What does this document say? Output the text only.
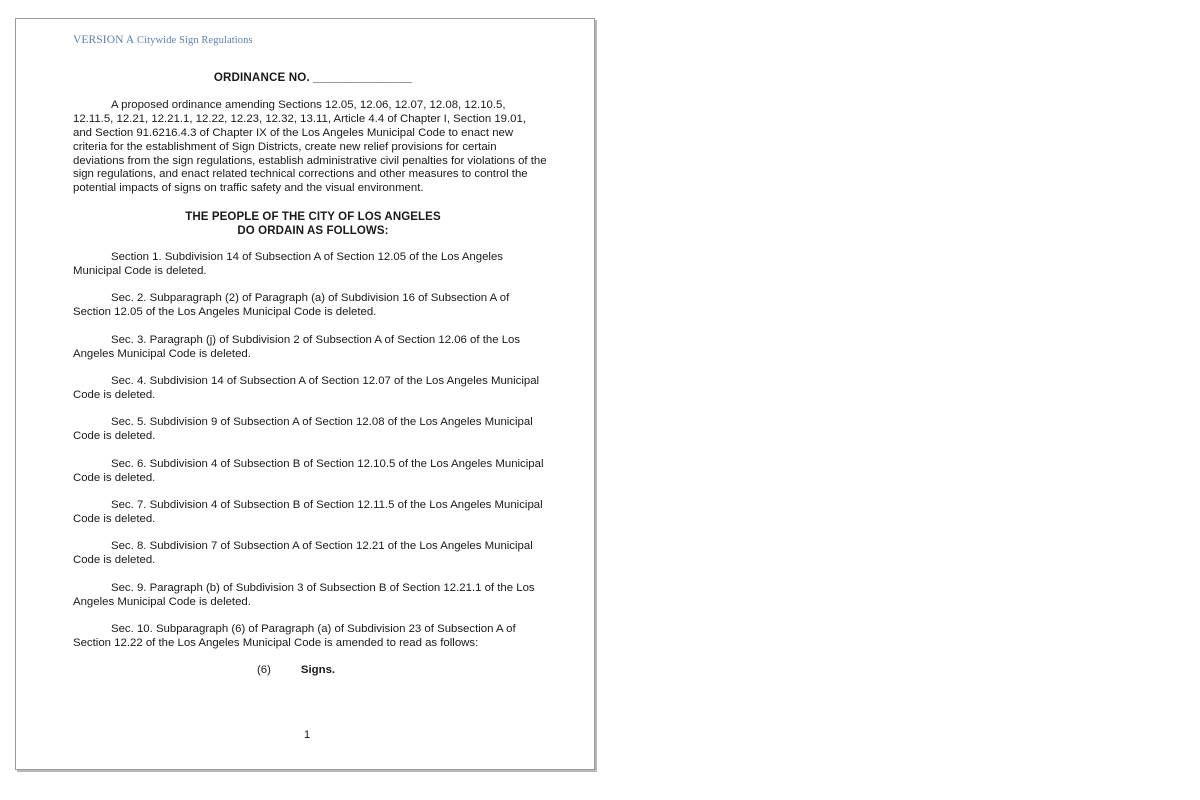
VERSION A Citywide Sign Regulations
ORDINANCE NO. _______________

A proposed ordinance amending Sections 12.05, 12.06, 12.07, 12.08, 12.10.5, 12.11.5, 12.21, 12.21.1, 12.22, 12.23, 12.32, 13.11, Article 4.4 of Chapter I, Section 19.01, and Section 91.6216.4.3 of Chapter IX of the Los Angeles Municipal Code to enact new criteria for the establishment of Sign Districts, create new relief provisions for certain deviations from the sign regulations, establish administrative civil penalties for violations of the sign regulations, and enact related technical corrections and other measures to control the potential impacts of signs on traffic safety and the visual environment.

THE PEOPLE OF THE CITY OF LOS ANGELES
DO ORDAIN AS FOLLOWS:

Section 1. Subdivision 14 of Subsection A of Section 12.05 of the Los Angeles Municipal Code is deleted.

Sec. 2. Subparagraph (2) of Paragraph (a) of Subdivision 16 of Subsection A of Section 12.05 of the Los Angeles Municipal Code is deleted.

Sec. 3. Paragraph (j) of Subdivision 2 of Subsection A of Section 12.06 of the Los Angeles Municipal Code is deleted.

Sec. 4. Subdivision 14 of Subsection A of Section 12.07 of the Los Angeles Municipal Code is deleted.

Sec. 5. Subdivision 9 of Subsection A of Section 12.08 of the Los Angeles Municipal Code is deleted.

Sec. 6. Subdivision 4 of Subsection B of Section 12.10.5 of the Los Angeles Municipal Code is deleted.

Sec. 7. Subdivision 4 of Subsection B of Section 12.11.5 of the Los Angeles Municipal Code is deleted.

Sec. 8. Subdivision 7 of Subsection A of Section 12.21 of the Los Angeles Municipal Code is deleted.

Sec. 9. Paragraph (b) of Subdivision 3 of Subsection B of Section 12.21.1 of the Los Angeles Municipal Code is deleted.

Sec. 10. Subparagraph (6) of Paragraph (a) of Subdivision 23 of Subsection A of Section 12.22 of the Los Angeles Municipal Code is amended to read as follows:

(6)	Signs.

1
